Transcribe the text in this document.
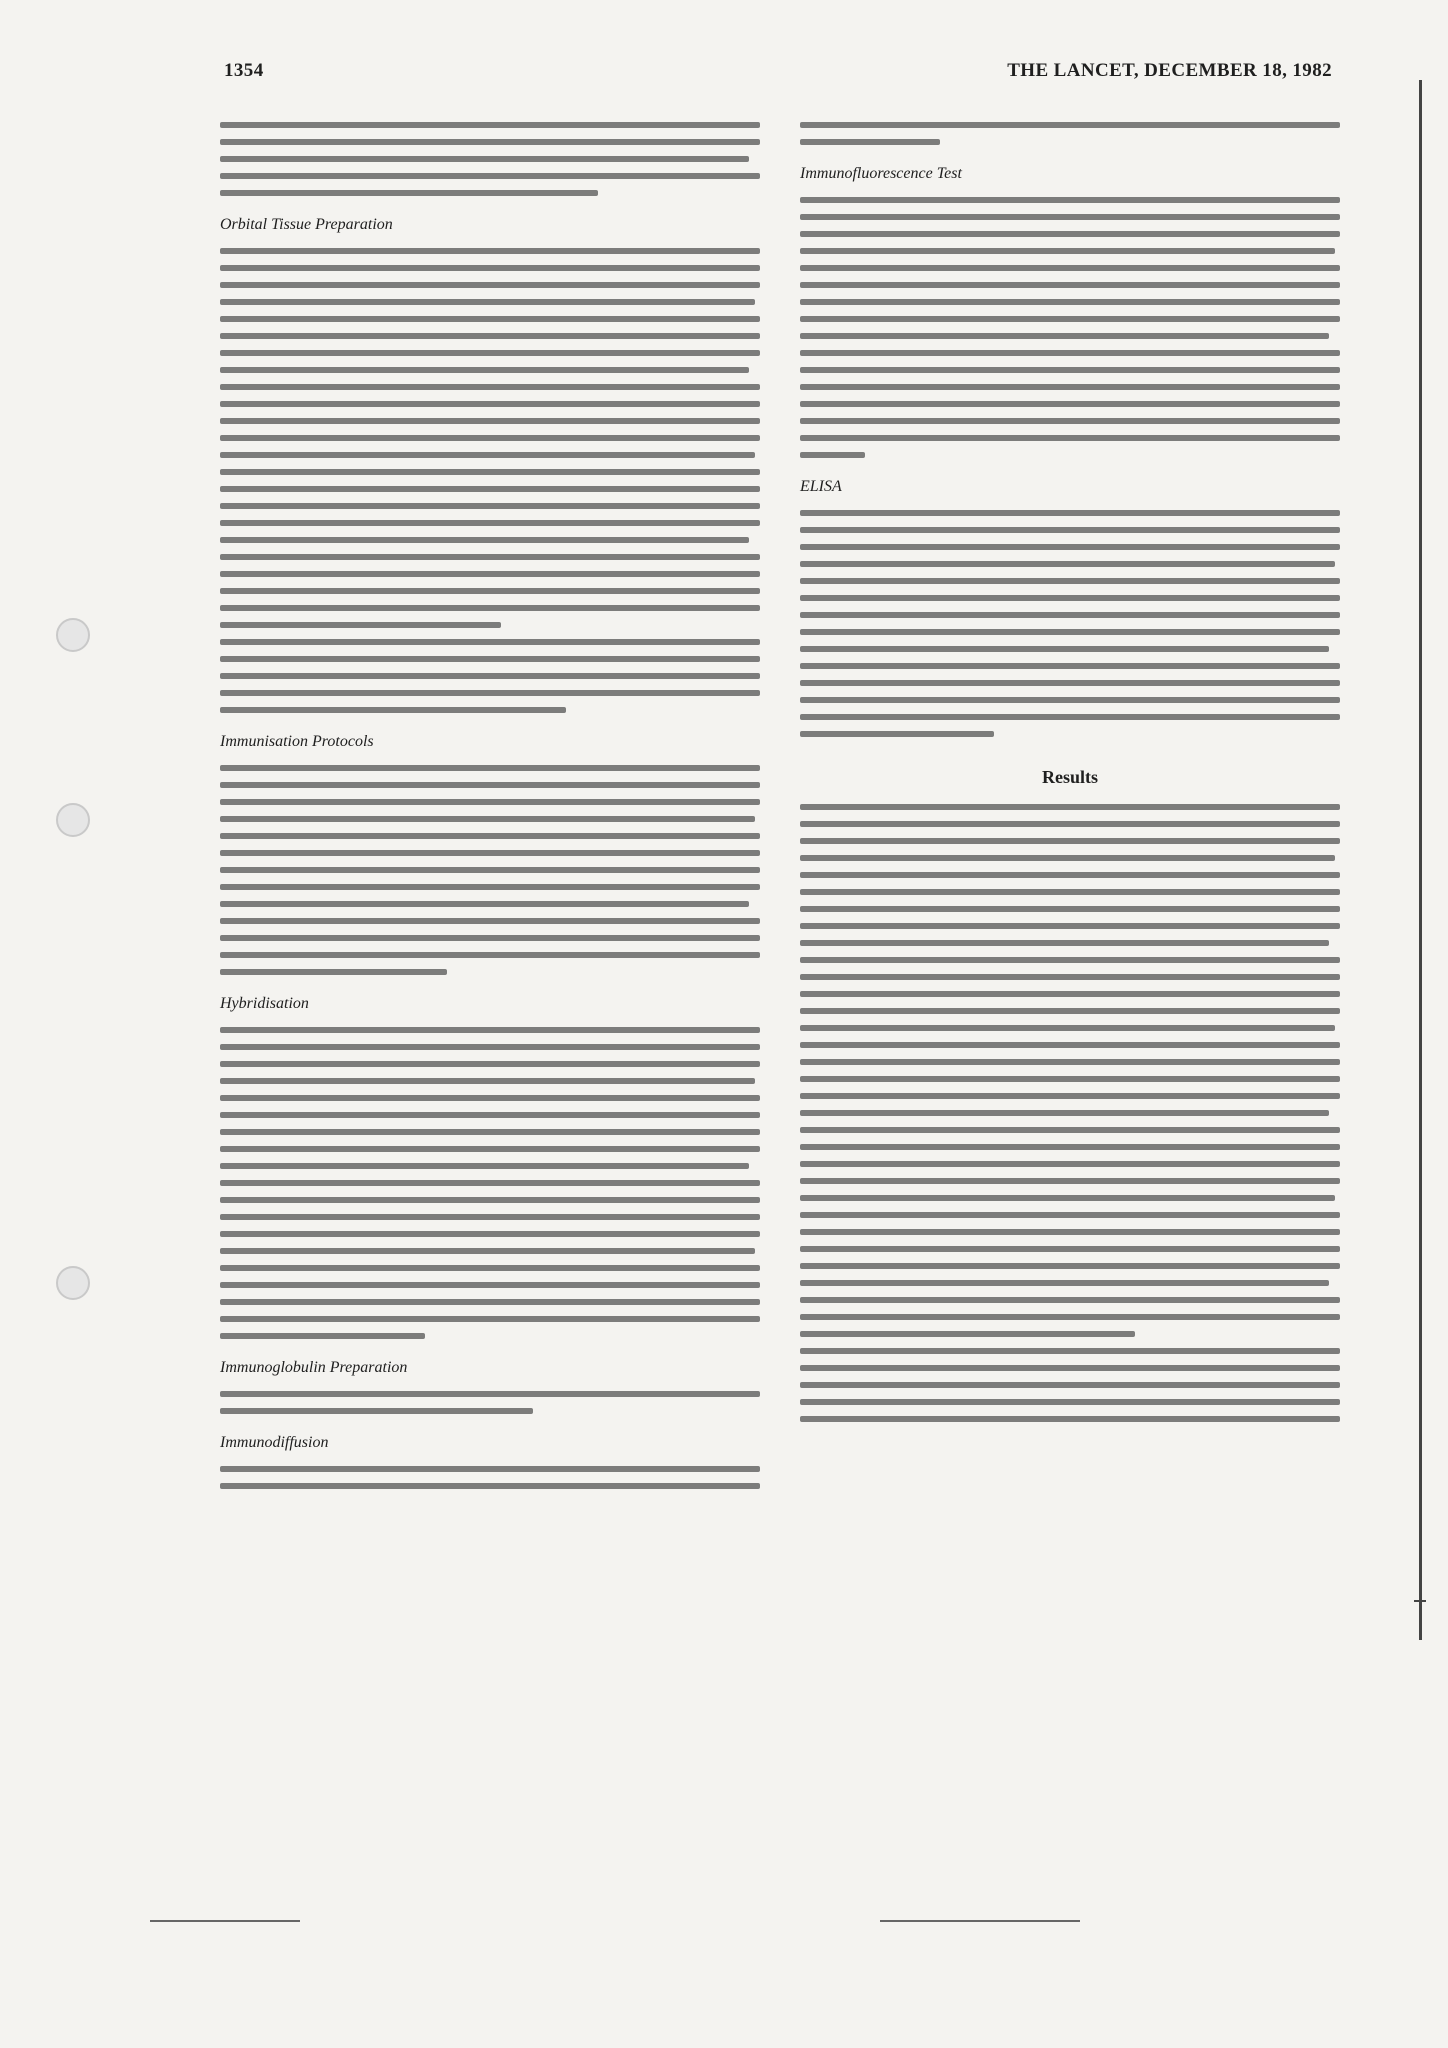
1354	THE LANCET, DECEMBER 18, 1982
Orbital Tissue Preparation
Immunisation Protocols
Hybridisation
Immunoglobulin Preparation
Immunodiffusion
Immunofluorescence Test
ELISA
Results
